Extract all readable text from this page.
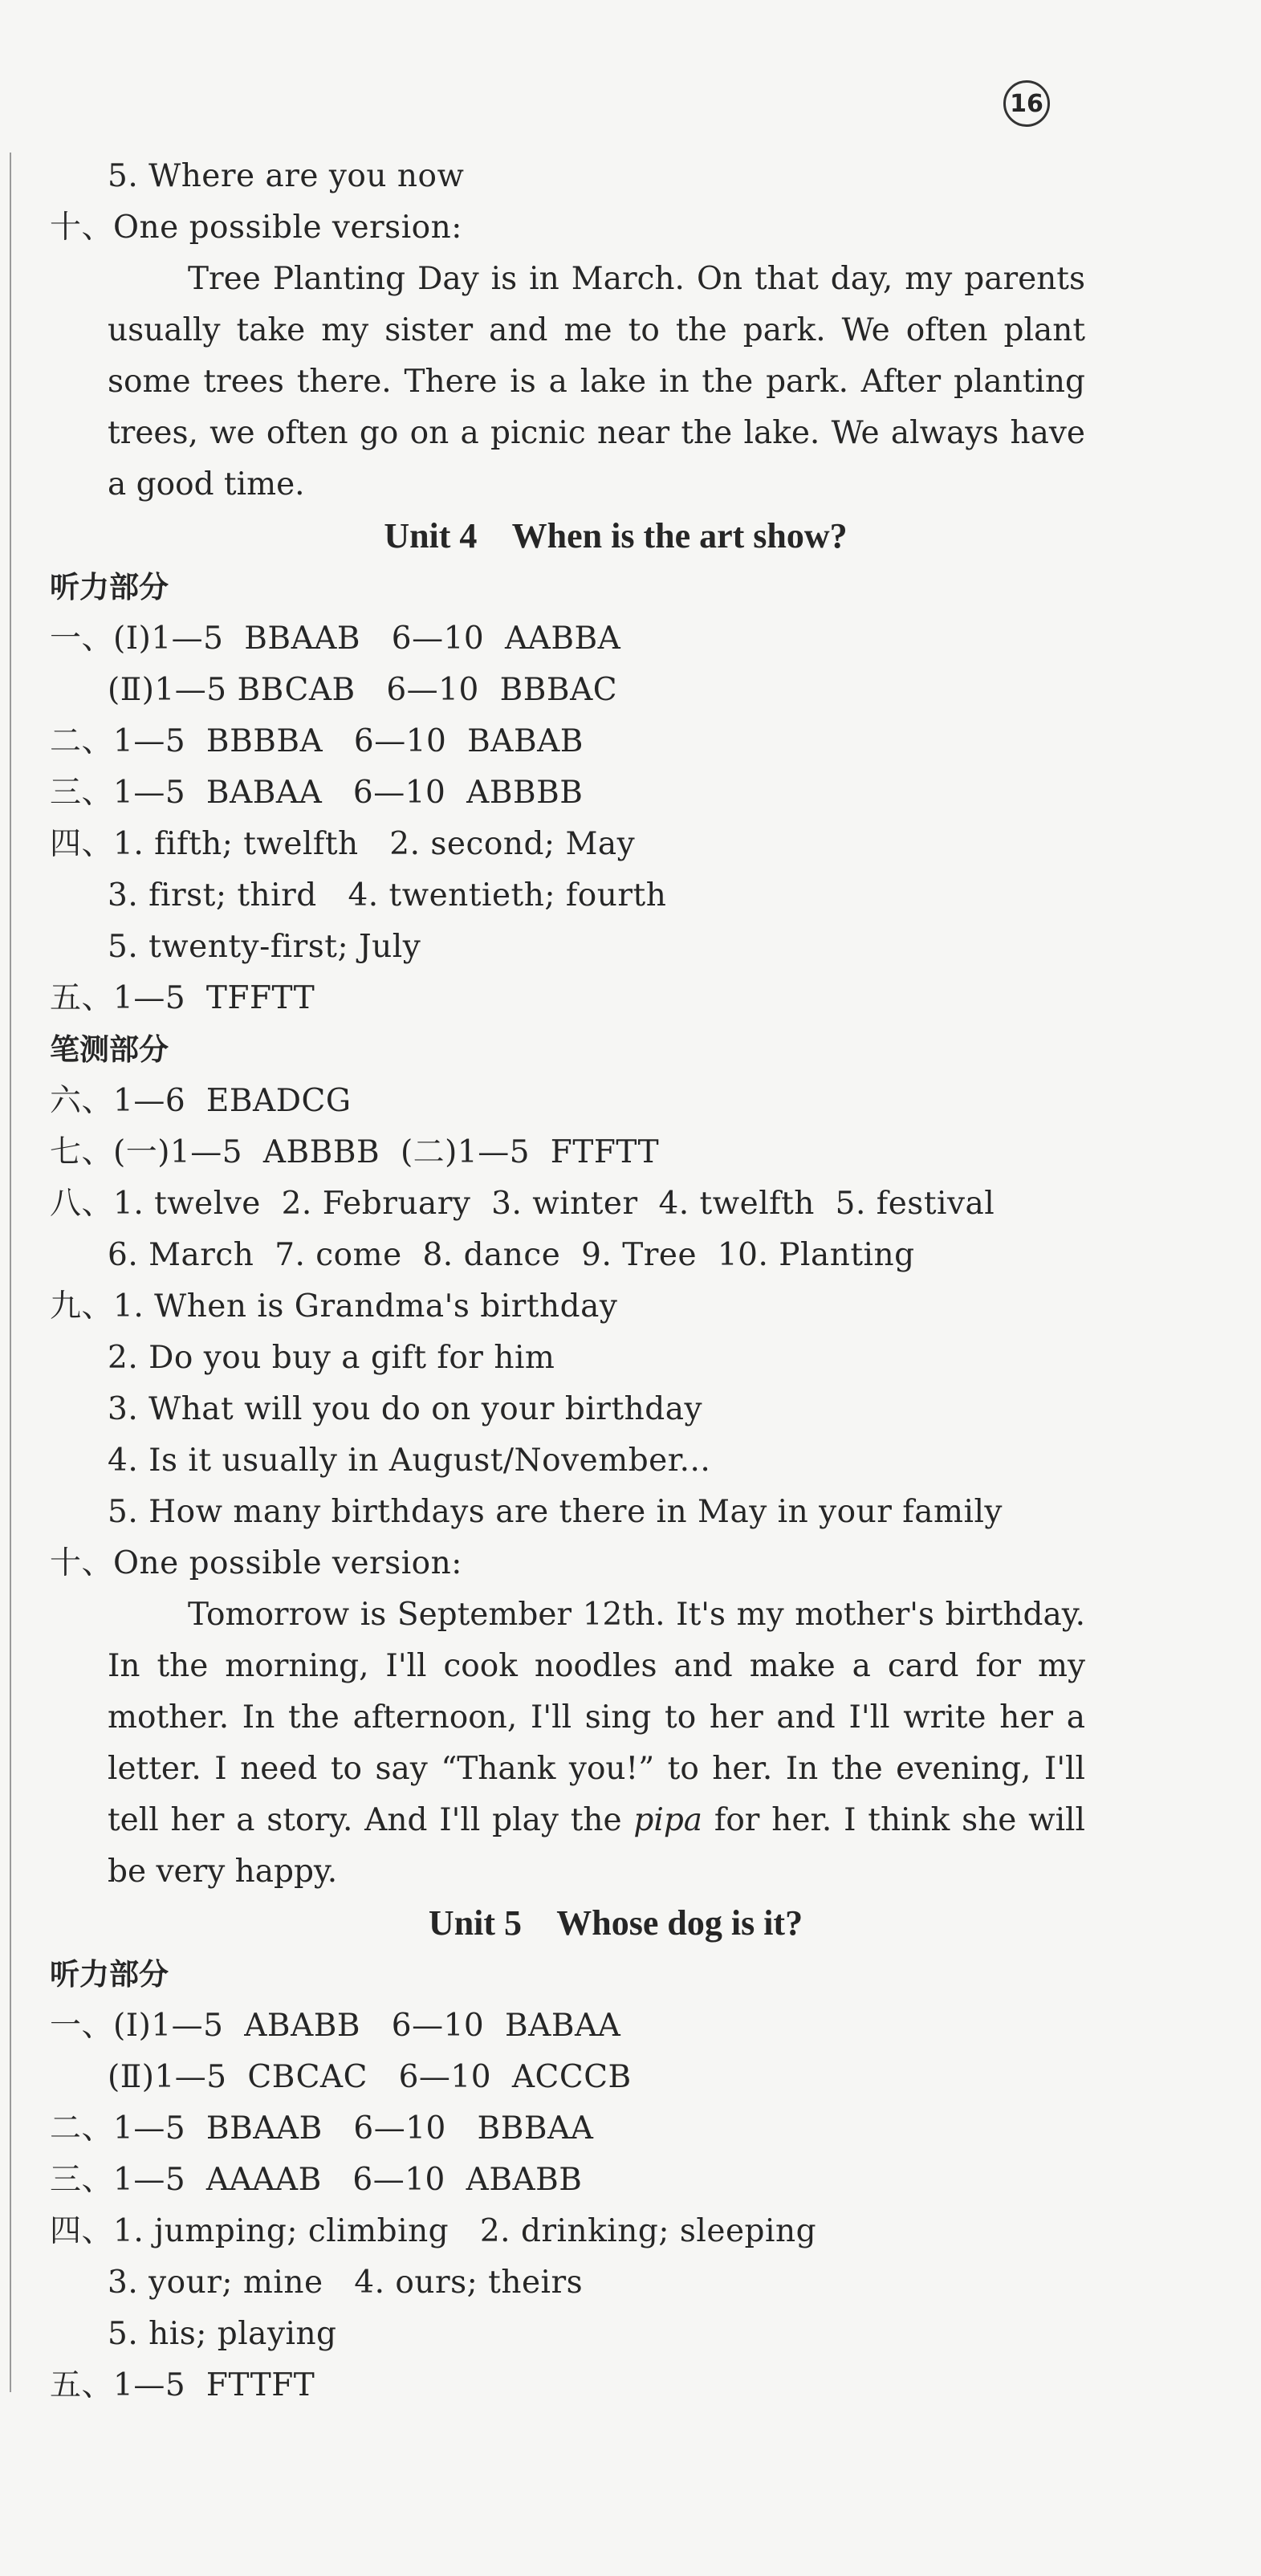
16
5. Where are you now
十、One possible version:
Tree Planting Day is in March. On that day, my parents usually take my sister and me to the park. We often plant some trees there. There is a lake in the park. After planting trees, we often go on a picnic near the lake. We always have a good time.
Unit 4    When is the art show?
听力部分
一、(Ⅰ)1—5  BBAAB   6—10  AABBA
(Ⅱ)1—5 BBCAB   6—10  BBBAC
二、1—5  BBBBA   6—10  BABAB
三、1—5  BABAA   6—10  ABBBB
四、1. fifth; twelfth   2. second; May
3. first; third   4. twentieth; fourth
5. twenty-first; July
五、1—5  TFFTT
笔测部分
六、1—6  EBADCG
七、(一)1—5  ABBBB  (二)1—5  FTFTT
八、1. twelve  2. February  3. winter  4. twelfth  5. festival
6. March  7. come  8. dance  9. Tree  10. Planting
九、1. When is Grandma's birthday
2. Do you buy a gift for him
3. What will you do on your birthday
4. Is it usually in August/November...
5. How many birthdays are there in May in your family
十、One possible version:
Tomorrow is September 12th. It's my mother's birthday. In the morning, I'll cook noodles and make a card for my mother. In the afternoon, I'll sing to her and I'll write her a letter. I need to say “Thank you!” to her. In the evening, I'll tell her a story. And I'll play the pipa for her. I think she will be very happy.
Unit 5    Whose dog is it?
听力部分
一、(Ⅰ)1—5  ABABB   6—10  BABAA
(Ⅱ)1—5  CBCAC   6—10  ACCCB
二、1—5  BBAAB   6—10   BBBAA
三、1—5  AAAAB   6—10  ABABB
四、1. jumping; climbing   2. drinking; sleeping
3. your; mine   4. ours; theirs
5. his; playing
五、1—5  FTTFT
